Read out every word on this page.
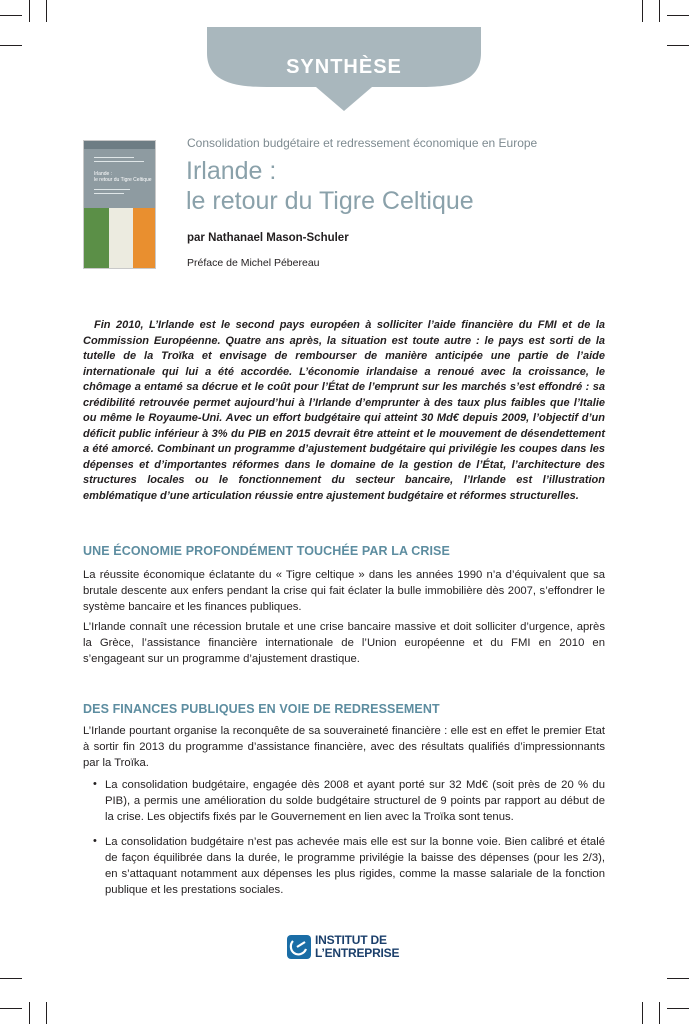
SYNTHÈSE
Irlande :
le retour du Tigre Celtique
Consolidation budgétaire et redressement économique en Europe
Irlande :
le retour du Tigre Celtique
par Nathanael Mason-Schuler
Préface de Michel Pébereau

Fin 2010, L’Irlande est le second pays européen à solliciter l’aide financière du FMI et de la Commission Européenne. Quatre ans après, la situation est toute autre : le pays est sorti de la tutelle de la Troïka et envisage de rembourser de manière anticipée une partie de l’aide internationale qui lui a été accordée. L’économie irlandaise a renoué avec la croissance, le chômage a entamé sa décrue et le coût pour l’État de l’emprunt sur les marchés s’est effondré : sa crédibilité retrouvée permet aujourd’hui à l’Irlande d’emprunter à des taux plus faibles que l’Italie ou même le Royaume-Uni. Avec un effort budgétaire qui atteint 30 Md€ depuis 2009, l’objectif d’un déficit public inférieur à 3% du PIB en 2015 devrait être atteint et le mouvement de désendettement a été amorcé. Combinant un programme d’ajustement budgétaire qui privilégie les coupes dans les dépenses et d’importantes réformes dans le domaine de la gestion de l’État, l’architecture des structures locales ou le fonctionnement du secteur bancaire, l’Irlande est l’illustration emblématique d’une articulation réussie entre ajustement budgétaire et réformes structurelles.

UNE ÉCONOMIE PROFONDÉMENT TOUCHÉE PAR LA CRISE

La réussite économique éclatante du « Tigre celtique » dans les années 1990 n’a d’équivalent que sa brutale descente aux enfers pendant la crise qui fait éclater la bulle immobilière dès 2007, s’effondrer le système bancaire et les finances publiques.

L’Irlande connaît une récession brutale et une crise bancaire massive et doit solliciter d’urgence, après la Grèce, l’assistance financière internationale de l’Union européenne et du FMI en 2010 en s’engageant sur un programme d’ajustement drastique.

DES FINANCES PUBLIQUES EN VOIE DE REDRESSEMENT

L’Irlande pourtant organise la reconquête de sa souveraineté financière : elle est en effet le premier Etat à sortir fin 2013 du programme d’assistance financière, avec des résultats qualifiés d’impressionnants par la Troïka.

• La consolidation budgétaire, engagée dès 2008 et ayant porté sur 32 Md€ (soit près de 20 % du PIB), a permis une amélioration du solde budgétaire structurel de 9 points par rapport au début de la crise. Les objectifs fixés par le Gouvernement en lien avec la Troïka sont tenus.

• La consolidation budgétaire n’est pas achevée mais elle est sur la bonne voie. Bien calibré et étalé de façon équilibrée dans la durée, le programme privilégie la baisse des dépenses (pour les 2/3), en s’attaquant notamment aux dépenses les plus rigides, comme la masse salariale de la fonction publique et les prestations sociales.

INSTITUT DE
L’ENTREPRISE
